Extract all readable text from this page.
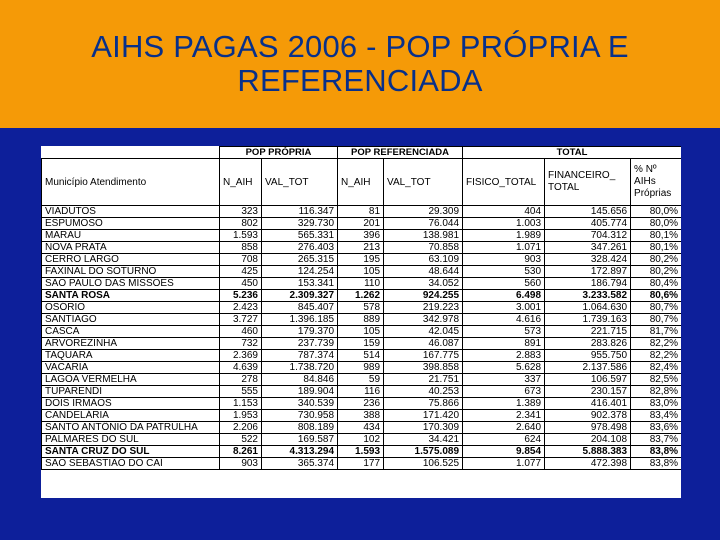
AIHS PAGAS 2006 - POP PRÓPRIA E
REFERENCIADA
	POP PRÓPRIA		POP REFERENCIADA		TOTAL		
Município Atendimento	N_AIH	VAL_TOT	N_AIH	VAL_TOT	FISICO_TOTAL	FINANCEIRO_ TOTAL	% Nº AIHs Próprias
VIADUTOS	323	116.347	81	29.309	404	145.656	80,0%
ESPUMOSO	802	329.730	201	76.044	1.003	405.774	80,0%
MARAU	1.593	565.331	396	138.981	1.989	704.312	80,1%
NOVA PRATA	858	276.403	213	70.858	1.071	347.261	80,1%
CERRO LARGO	708	265.315	195	63.109	903	328.424	80,2%
FAXINAL DO SOTURNO	425	124.254	105	48.644	530	172.897	80,2%
SÃO PAULO DAS MISSÕES	450	153.341	110	34.052	560	186.794	80,4%
SANTA ROSA	5.236	2.309.327	1.262	924.255	6.498	3.233.582	80,6%
OSÓRIO	2.423	845.407	578	219.223	3.001	1.064.630	80,7%
SANTIAGO	3.727	1.396.185	889	342.978	4.616	1.739.163	80,7%
CASCA	460	179.370	105	42.045	573	221.715	81,7%
ARVOREZINHA	732	237.739	159	46.087	891	283.826	82,2%
TAQUARA	2.369	787.374	514	167.775	2.883	955.750	82,2%
VACARIA	4.639	1.738.720	989	398.858	5.628	2.137.586	82,4%
LAGOA VERMELHA	278	84.846	59	21.751	337	106.597	82,5%
TUPARENDI	555	189.904	116	40.253	673	230.157	82,8%
DOIS IRMÃOS	1.153	340.539	236	75.866	1.389	416.401	83,0%
CANDELÁRIA	1.953	730.958	388	171.420	2.341	902.378	83,4%
SANTO ANTÔNIO DA PATRULHA	2.206	808.189	434	170.309	2.640	978.498	83,6%
PALMARES DO SUL	522	169.587	102	34.421	624	204.108	83,7%
SANTA CRUZ DO SUL	8.261	4.313.294	1.593	1.575.089	9.854	5.888.383	83,8%
SÃO SEBASTIÃO DO CAÍ	903	365.374	177	106.525	1.077	472.398	83,8%
